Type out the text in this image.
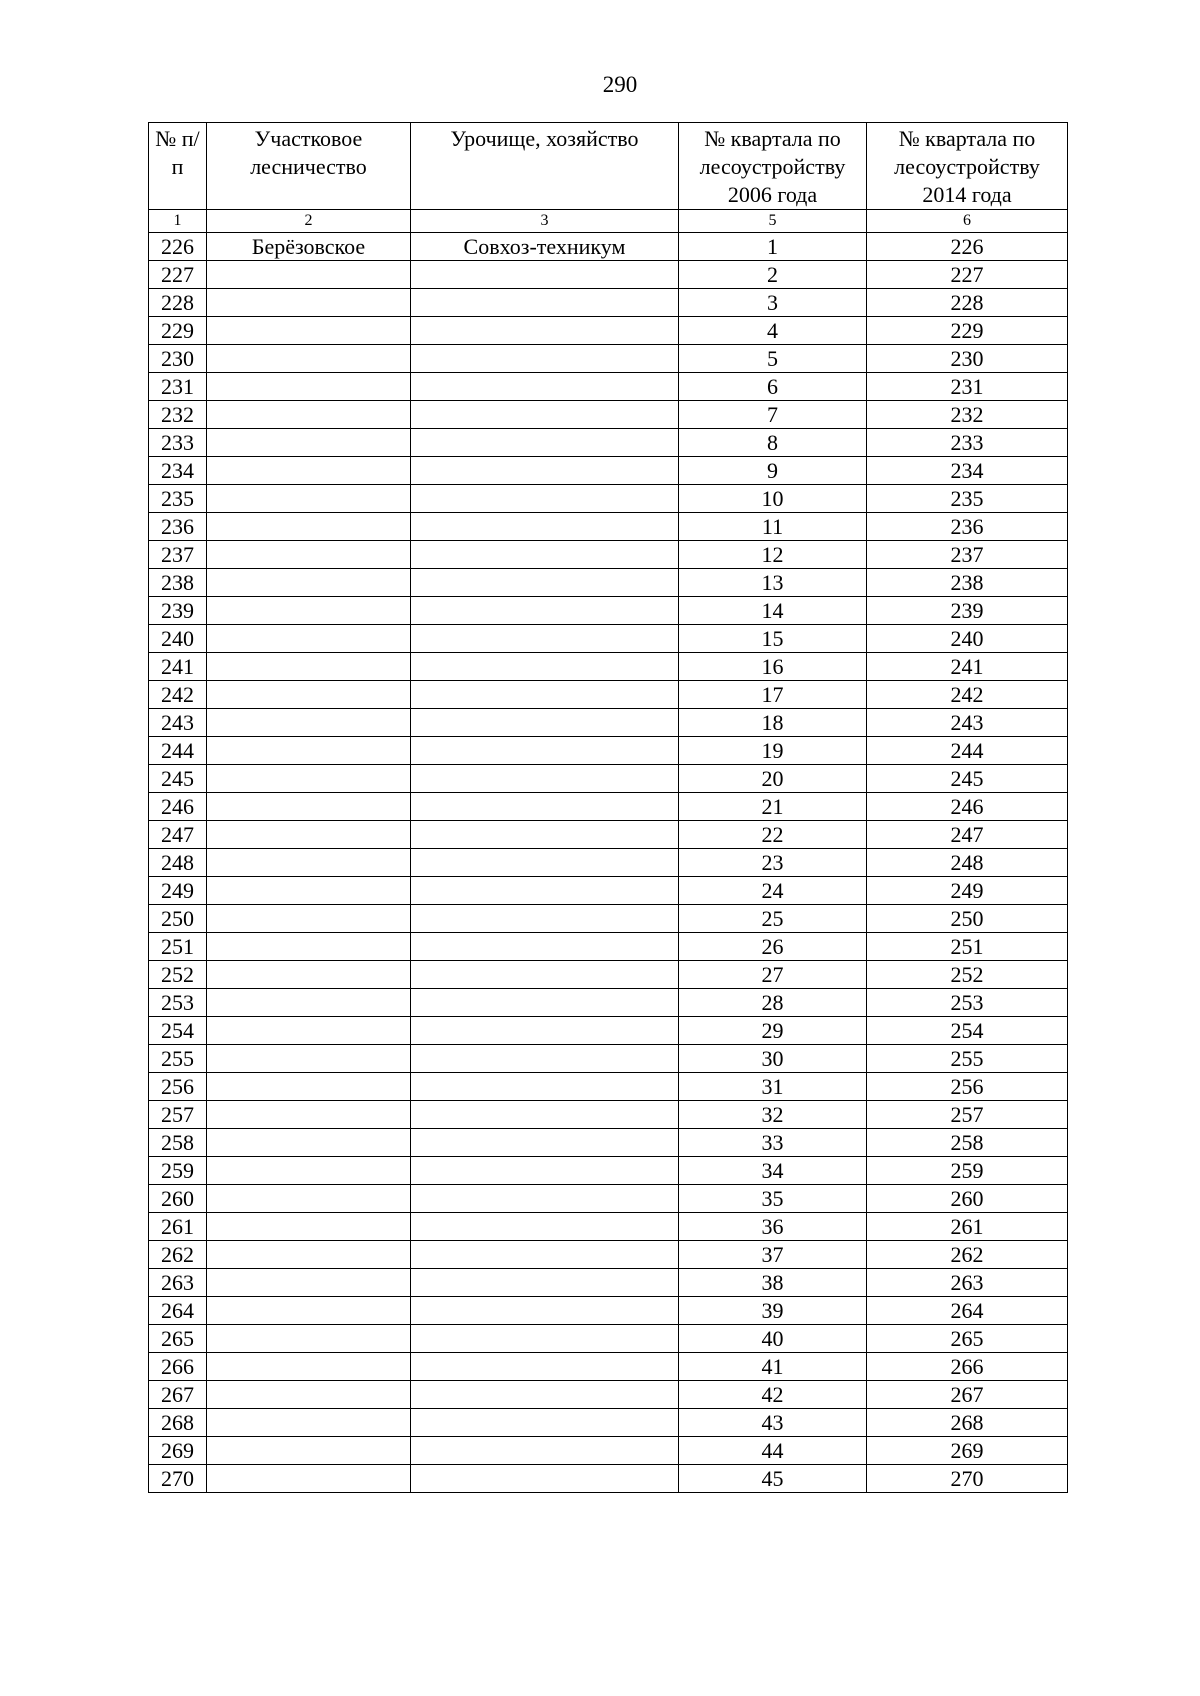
290
№ п/п	Участковое лесничество	Урочище, хозяйство	№ квартала по лесоустройству 2006 года	№ квартала по лесоустройству 2014 года
1	2	3	5	6
226	Берёзовское	Совхоз-техникум	1	226
227			2	227
228			3	228
229			4	229
230			5	230
231			6	231
232			7	232
233			8	233
234			9	234
235			10	235
236			11	236
237			12	237
238			13	238
239			14	239
240			15	240
241			16	241
242			17	242
243			18	243
244			19	244
245			20	245
246			21	246
247			22	247
248			23	248
249			24	249
250			25	250
251			26	251
252			27	252
253			28	253
254			29	254
255			30	255
256			31	256
257			32	257
258			33	258
259			34	259
260			35	260
261			36	261
262			37	262
263			38	263
264			39	264
265			40	265
266			41	266
267			42	267
268			43	268
269			44	269
270			45	270
